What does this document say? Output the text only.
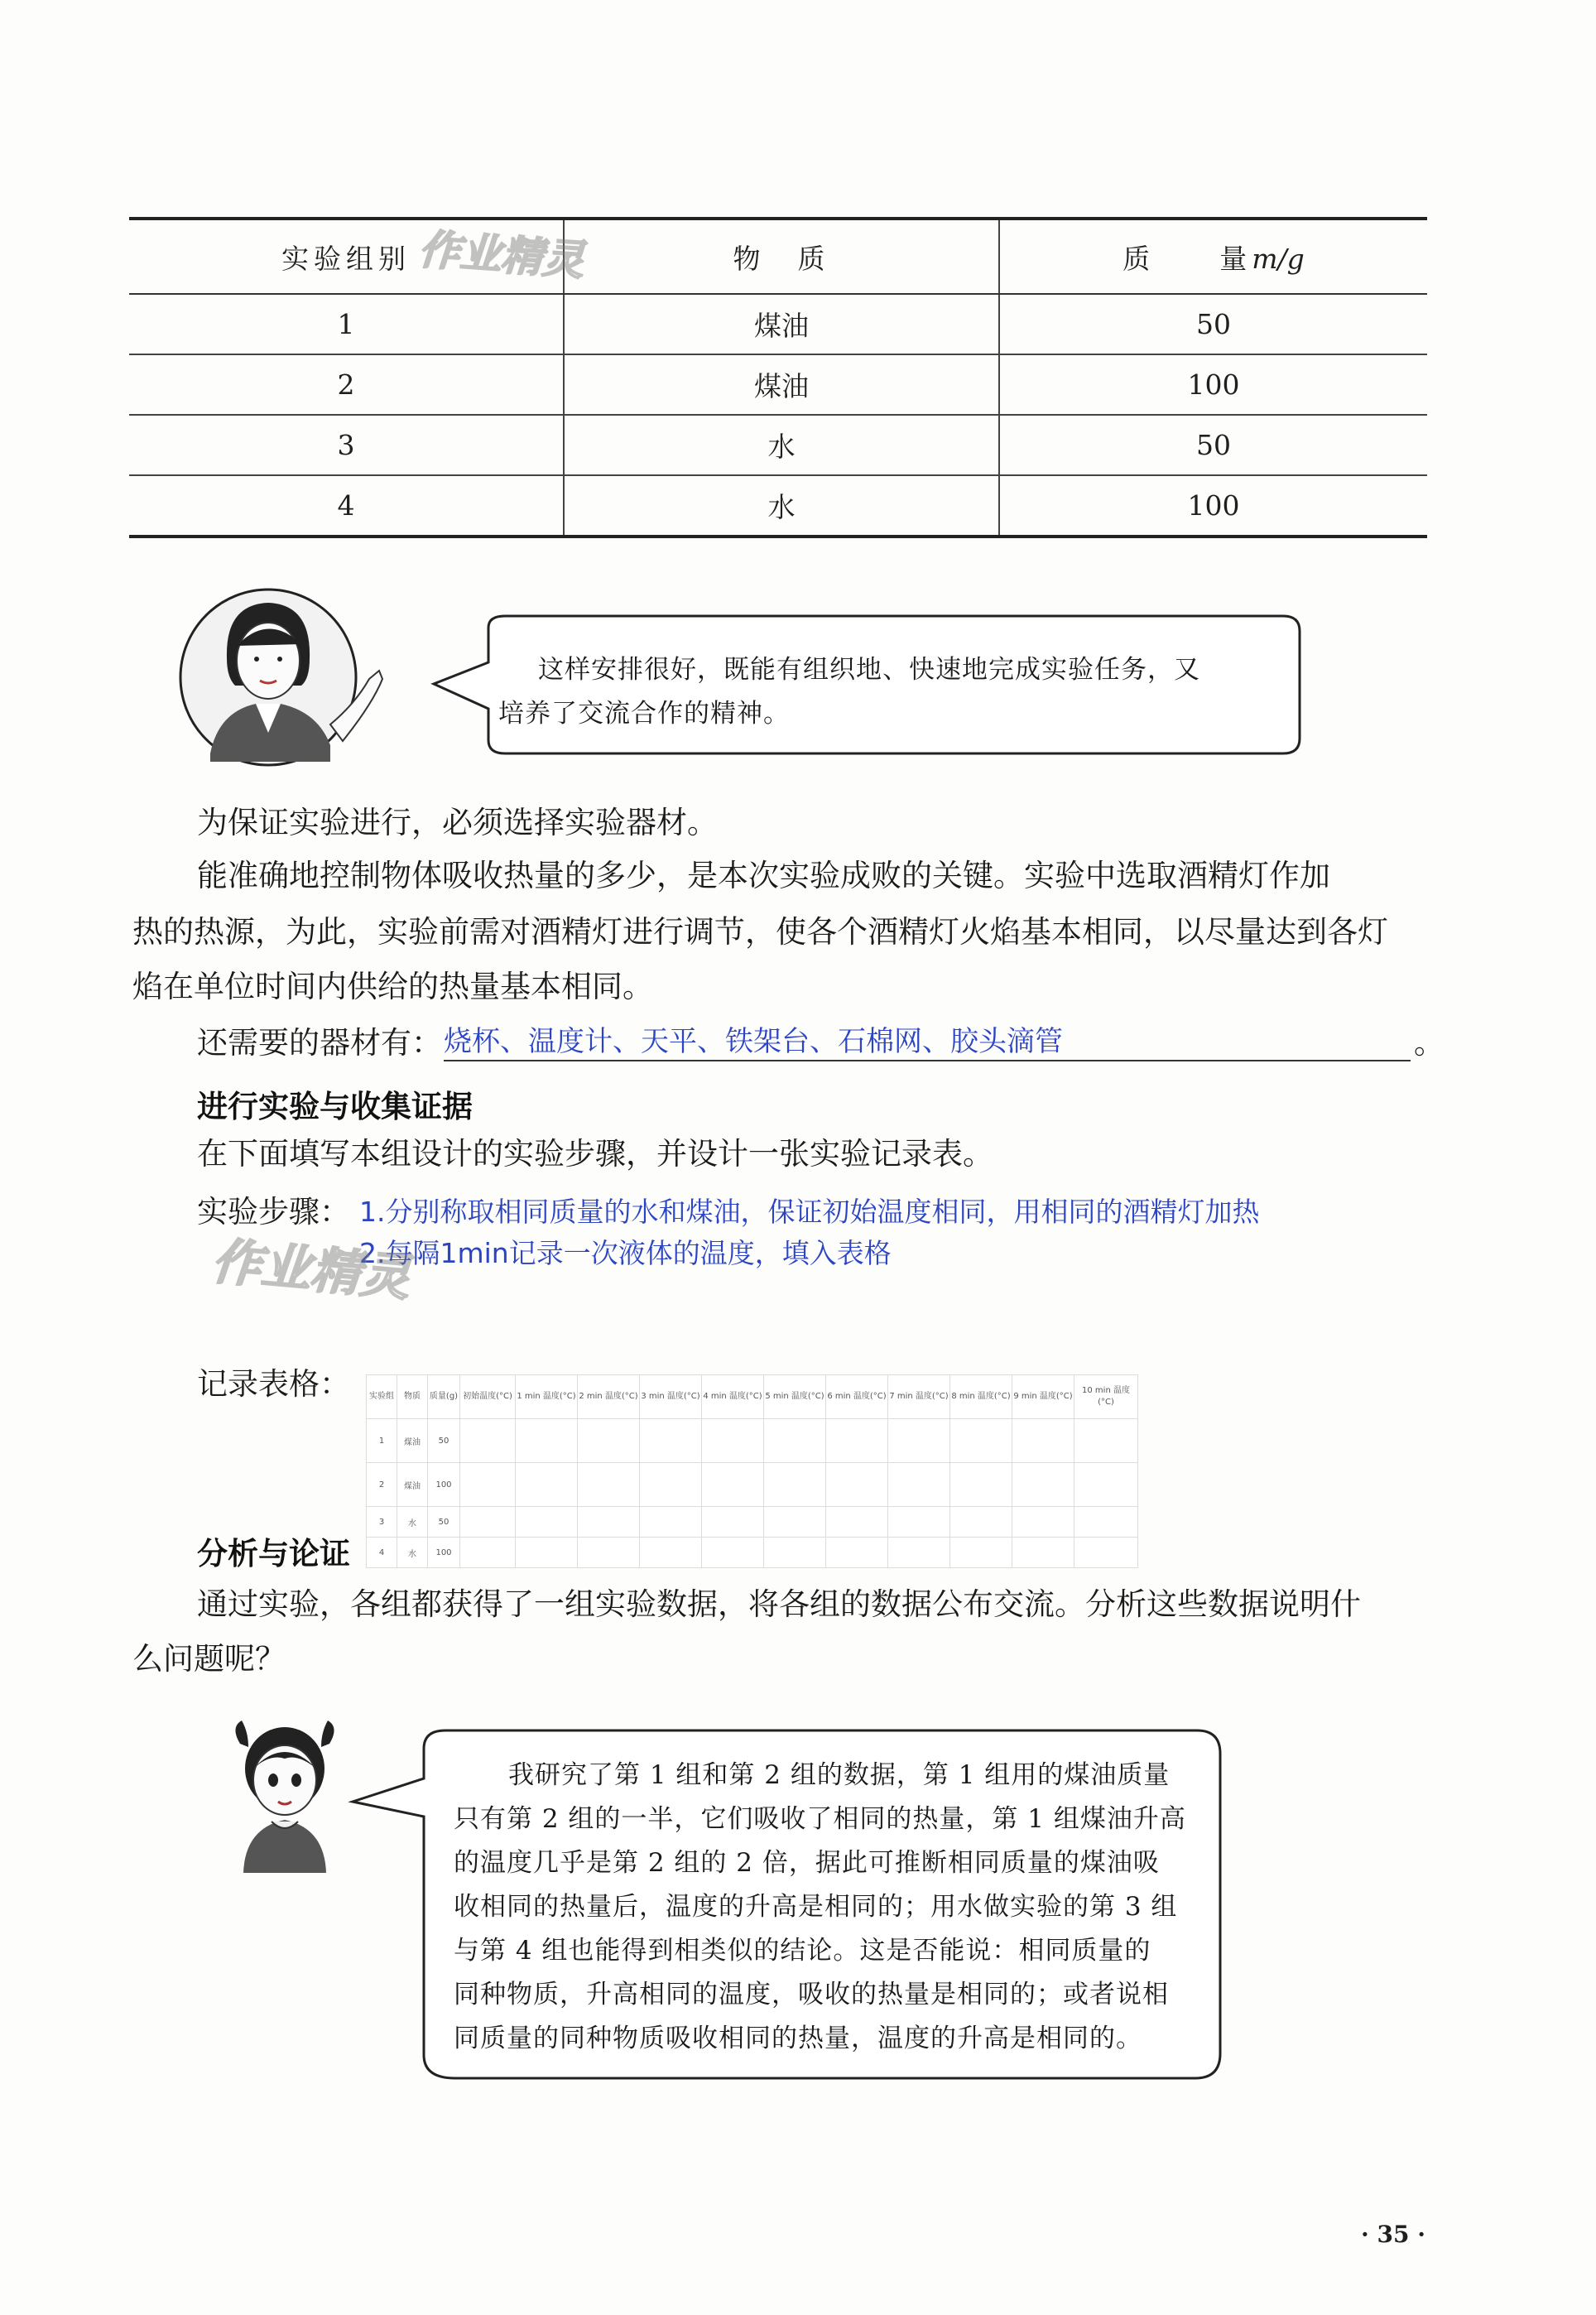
实验组别	物　质	质　　量m/g
1	煤油	50
2	煤油	100
3	水	50
4	水	100
作业精灵
这样安排很好，既能有组织地、快速地完成实验任务，又
培养了交流合作的精神。
为保证实验进行，必须选择实验器材。
能准确地控制物体吸收热量的多少，是本次实验成败的关键。实验中选取酒精灯作加
热的热源，为此，实验前需对酒精灯进行调节，使各个酒精灯火焰基本相同，以尽量达到各灯
焰在单位时间内供给的热量基本相同。
还需要的器材有： 烧杯、温度计、天平、铁架台、石棉网、胶头滴管	。
进行实验与收集证据
在下面填写本组设计的实验步骤，并设计一张实验记录表。
实验步骤： 1.分别称取相同质量的水和煤油，保证初始温度相同，用相同的酒精灯加热
2.每隔1min记录一次液体的温度，填入表格
作业精灵
记录表格： 实验组	物质	质量(g)	初始温度(°C)	1 min 温度(°C)	2 min 温度(°C)	3 min 温度(°C)	4 min 温度(°C)	5 min 温度(°C)	6 min 温度(°C)	7 min 温度(°C)	8 min 温度(°C)	9 min 温度(°C)	10 min 温度(°C)
1	煤油	50											
2	煤油	100											
3	水	50											
4	水	100											
分析与论证
通过实验，各组都获得了一组实验数据，将各组的数据公布交流。分析这些数据说明什
么问题呢？
我研究了第 1 组和第 2 组的数据，第 1 组用的煤油质量
只有第 2 组的一半，它们吸收了相同的热量，第 1 组煤油升高
的温度几乎是第 2 组的 2 倍，据此可推断相同质量的煤油吸
收相同的热量后，温度的升高是相同的；用水做实验的第 3 组
与第 4 组也能得到相类似的结论。这是否能说：相同质量的
同种物质，升高相同的温度，吸收的热量是相同的；或者说相
同质量的同种物质吸收相同的热量，温度的升高是相同的。
· 35 ·
